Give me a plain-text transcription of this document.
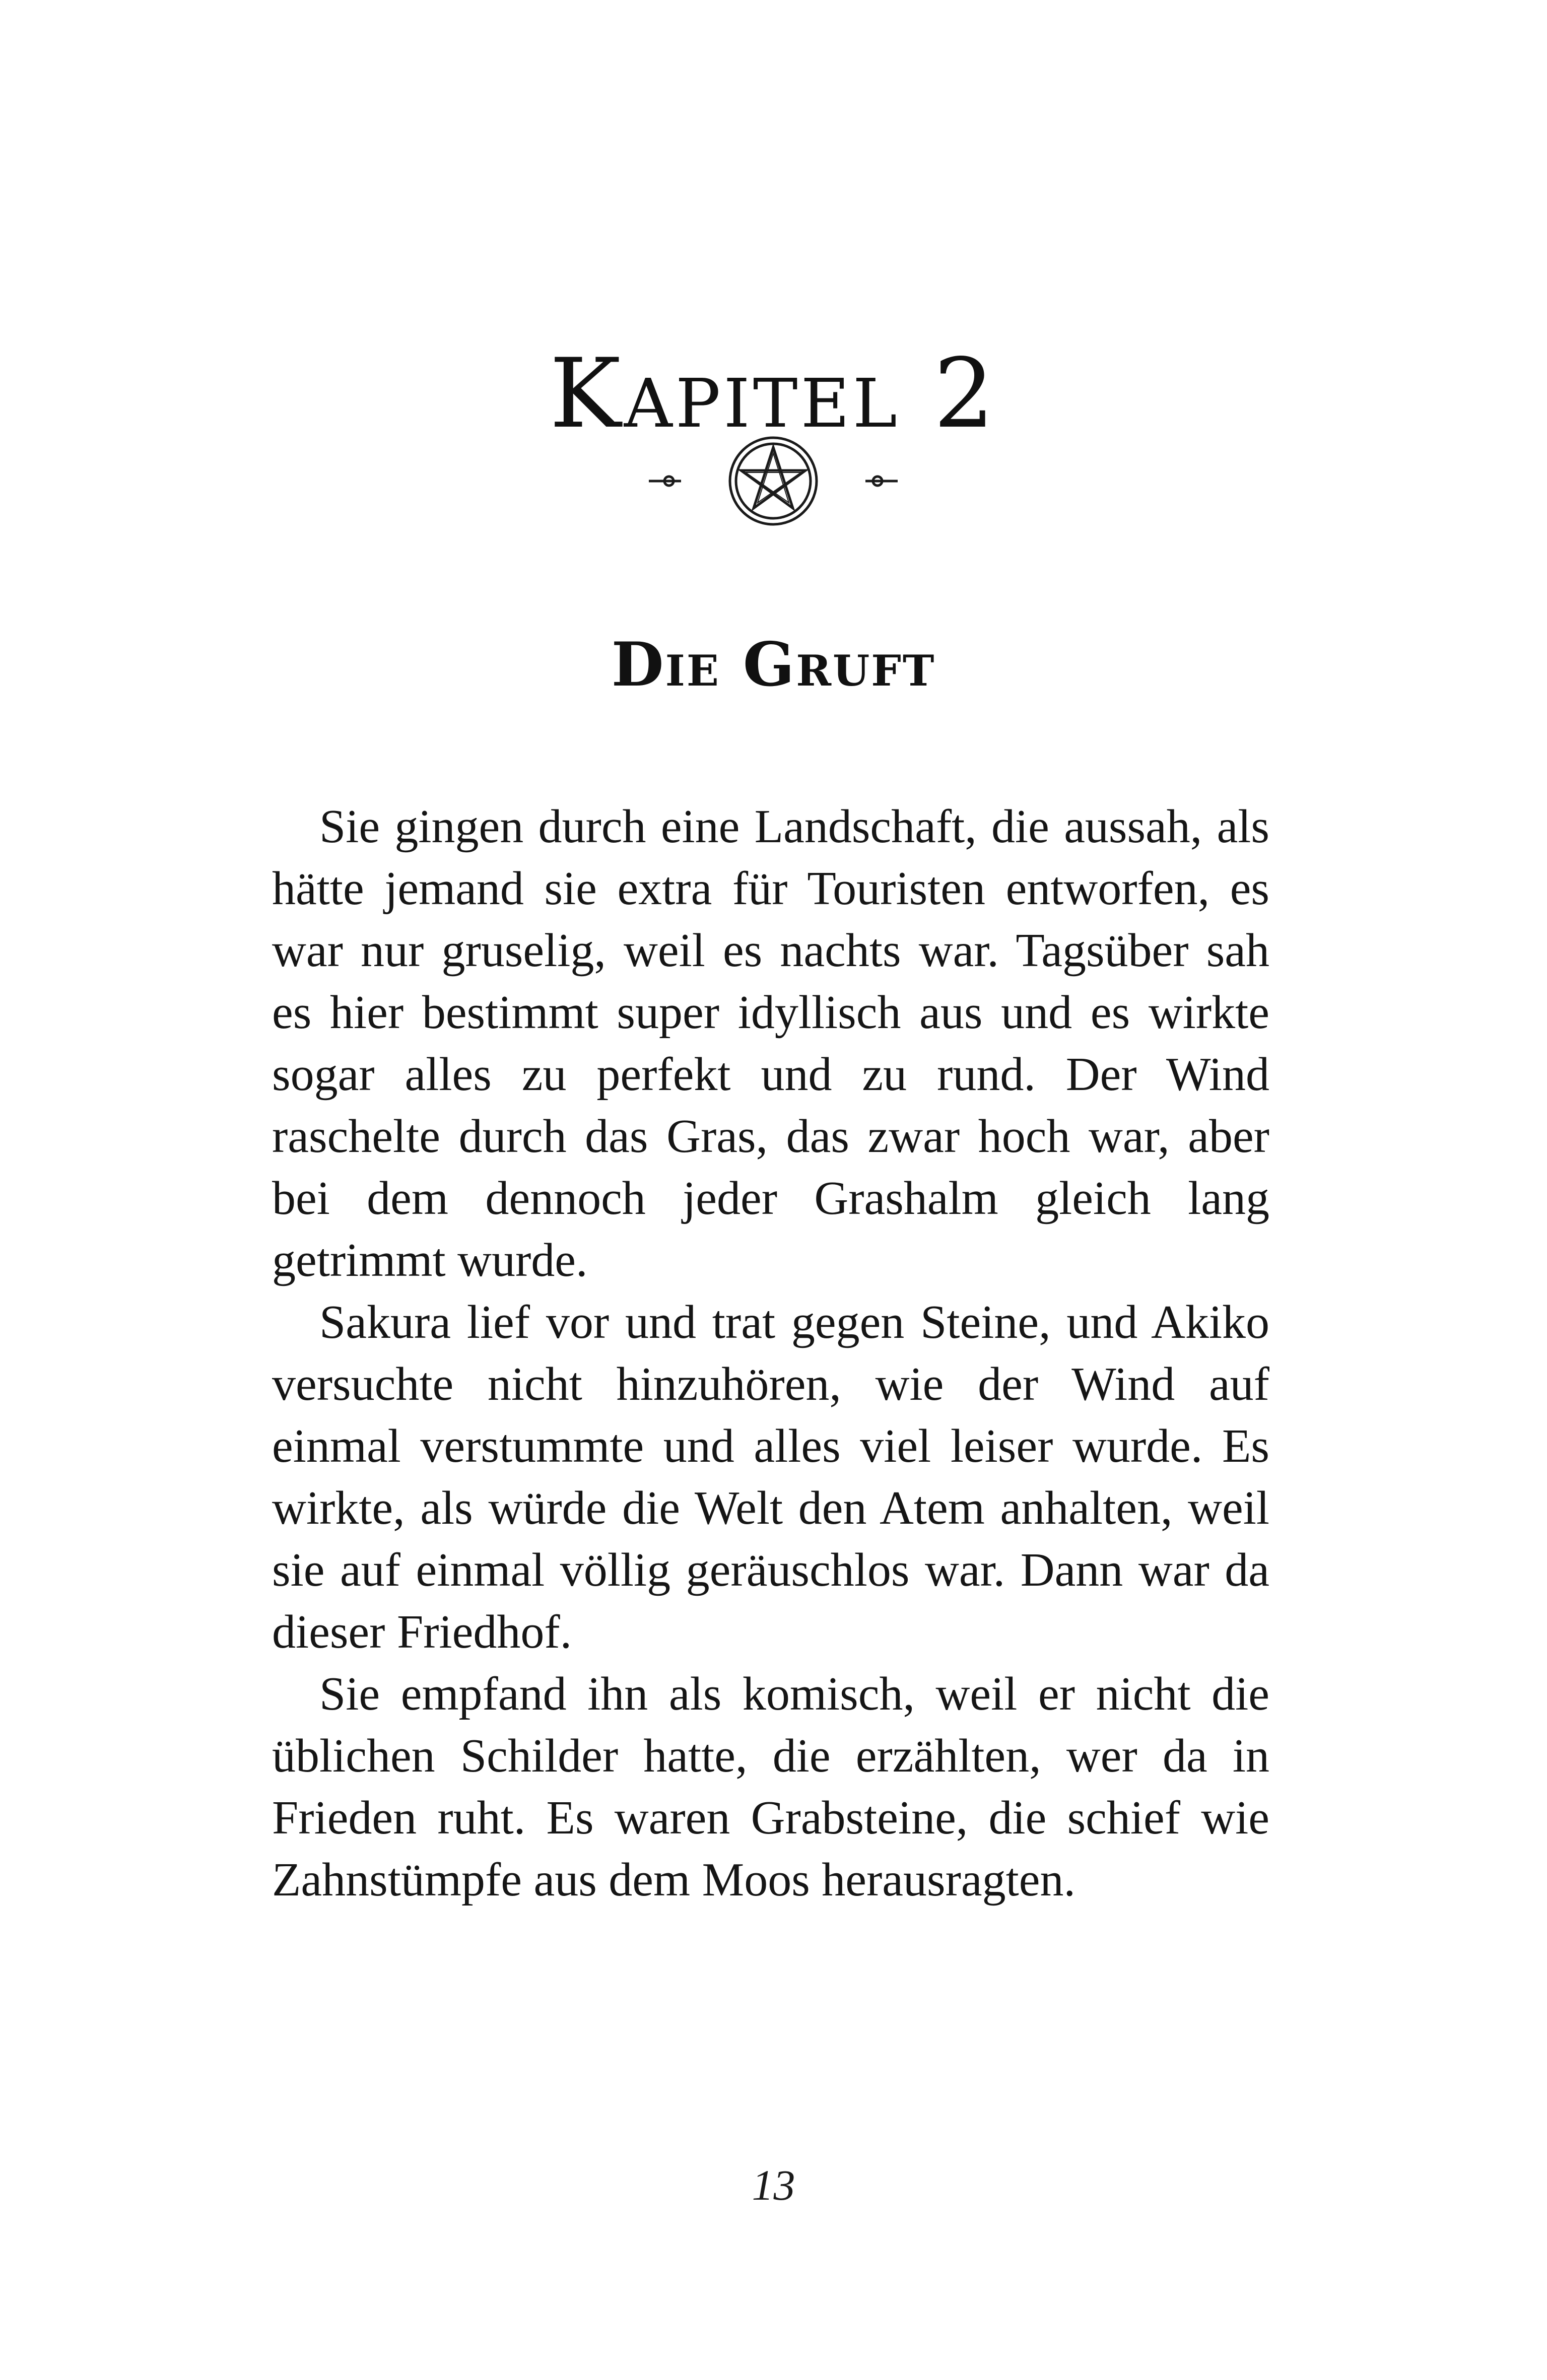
Kapitel 2
Die Gruft

Sie gingen durch eine Landschaft, die aussah, als hätte jemand sie extra für Touristen entworfen, es war nur gruselig, weil es nachts war. Tagsüber sah es hier bestimmt super idyllisch aus und es wirkte sogar alles zu perfekt und zu rund. Der Wind raschelte durch das Gras, das zwar hoch war, aber bei dem dennoch jeder Grashalm gleich lang getrimmt wurde.

Sakura lief vor und trat gegen Steine, und Akiko versuchte nicht hinzuhören, wie der Wind auf einmal verstummte und alles viel leiser wurde. Es wirkte, als würde die Welt den Atem anhalten, weil sie auf einmal völlig geräuschlos war. Dann war da dieser Friedhof.

Sie empfand ihn als komisch, weil er nicht die üblichen Schilder hatte, die erzählten, wer da in Frieden ruht. Es waren Grabsteine, die schief wie Zahnstümpfe aus dem Moos herausragten.

13
